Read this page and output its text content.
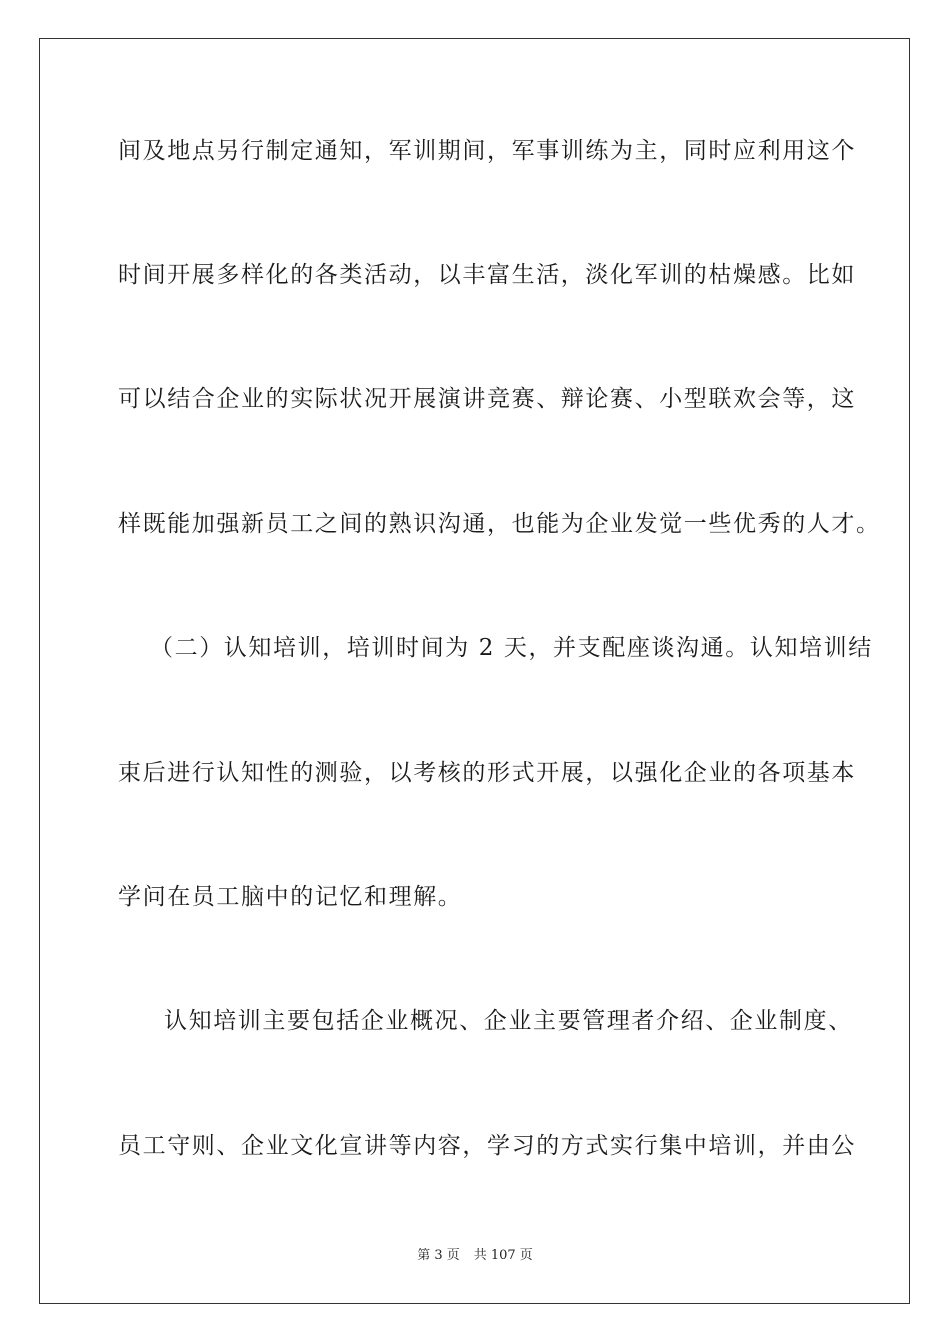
间及地点另行制定通知，军训期间，军事训练为主，同时应利用这个
时间开展多样化的各类活动，以丰富生活，淡化军训的枯燥感。比如
可以结合企业的实际状况开展演讲竞赛、辩论赛、小型联欢会等，这
样既能加强新员工之间的熟识沟通，也能为企业发觉一些优秀的人才。
（二）认知培训，培训时间为 2 天，并支配座谈沟通。认知培训结
束后进行认知性的测验，以考核的形式开展，以强化企业的各项基本
学问在员工脑中的记忆和理解。
认知培训主要包括企业概况、企业主要管理者介绍、企业制度、
员工守则、企业文化宣讲等内容，学习的方式实行集中培训，并由公
第 3 页 共 107 页
